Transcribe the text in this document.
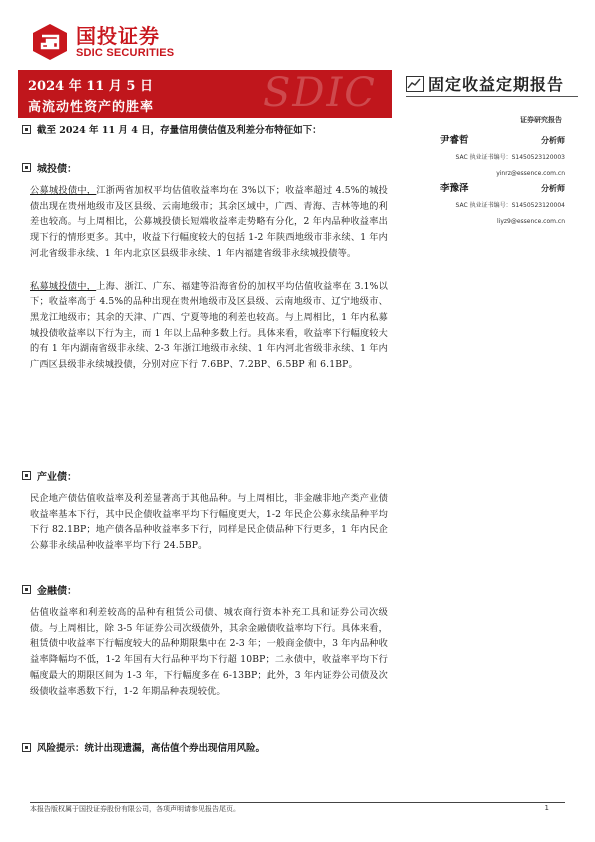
国投证券
SDIC SECURITIES
SDIC
2024 年 11 月 5 日
高流动性资产的胜率
固定收益定期报告
证券研究报告
截至 2024 年 11 月 4 日，存量信用债估值及利差分布特征如下：
尹睿哲	分析师
SAC 执业证书编号：S1450523120003
yinrz@essence.com.cn
李豫泽	分析师
SAC 执业证书编号：S1450523120004
liyz9@essence.com.cn
城投债：

公募城投债中，江浙两省加权平均估值收益率均在 3%以下；收益率超过 4.5%的城投债出现在贵州地级市及区县级、云南地级市；其余区域中，广西、青海、吉林等地的利差也较高。与上周相比，公募城投债长短端收益率走势略有分化，2 年内品种收益率出现下行的情形更多。其中，收益下行幅度较大的包括 1-2 年陕西地级市非永续、1 年内河北省级非永续、1 年内北京区县级非永续、1 年内福建省级非永续城投债等。

私募城投债中，上海、浙江、广东、福建等沿海省份的加权平均估值收益率在 3.1%以下；收益率高于 4.5%的品种出现在贵州地级市及区县级、云南地级市、辽宁地级市、黑龙江地级市；其余的天津、广西、宁夏等地的利差也较高。与上周相比，1 年内私募城投债收益率以下行为主，而 1 年以上品种多数上行。具体来看，收益率下行幅度较大的有 1 年内湖南省级非永续、2-3 年浙江地级市永续、1 年内河北省级非永续、1 年内广西区县级非永续城投债，分别对应下行 7.6BP、7.2BP、6.5BP 和 6.1BP。

产业债：

民企地产债估值收益率及利差显著高于其他品种。与上周相比，非金融非地产类产业债收益率基本下行，其中民企债收益率平均下行幅度更大，1-2 年民企公募永续品种平均下行 82.1BP；地产债各品种收益率多下行，同样是民企债品种下行更多，1 年内民企公募非永续品种收益率平均下行 24.5BP。

金融债：

估值收益率和利差较高的品种有租赁公司债、城农商行资本补充工具和证券公司次级债。与上周相比，除 3-5 年证券公司次级债外，其余金融债收益率均下行。具体来看，租赁债中收益率下行幅度较大的品种期限集中在 2-3 年；一般商金债中，3 年内品种收益率降幅均不低，1-2 年国有大行品种平均下行超 10BP；二永债中，收益率平均下行幅度最大的期限区间为 1-3 年，下行幅度多在 6-13BP；此外，3 年内证券公司债及次级债收益率悉数下行，1-2 年期品种表现较优。

风险提示：统计出现遗漏，高估值个券出现信用风险。
本报告版权属于国投证券股份有限公司，各项声明请参见报告尾页。	1
